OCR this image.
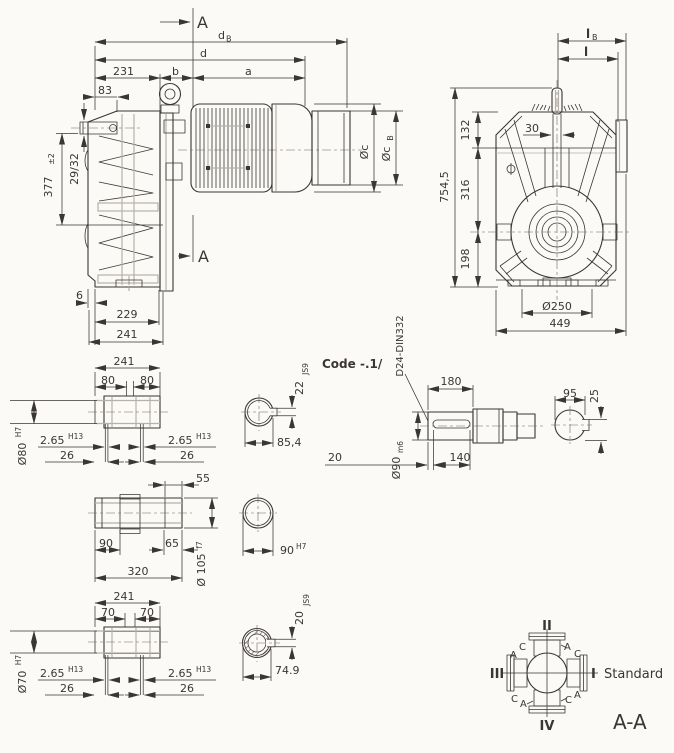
A
A
d B
d
231	b	a
83
377
±2 29/32
Øc Øc
B
6
229
241
l B
l
30
132
316
198
754,5
Ø250
449
241
80 80
2.65 H13	2.65 H13
26	26
Ø80
H7
22
JS9
85,4
Code -.1/ D24-DIN332
180
Ø90
m6
20	140
95 25
55
90	65
320	Ø 105
f7	90 H7
241
70 70
2.65 H13	2.65 H13
26	26
Ø70
H7
20
JS9
74.9
II
III	I
IV
Standard
C
A
A
C
C A	C A
A-A
